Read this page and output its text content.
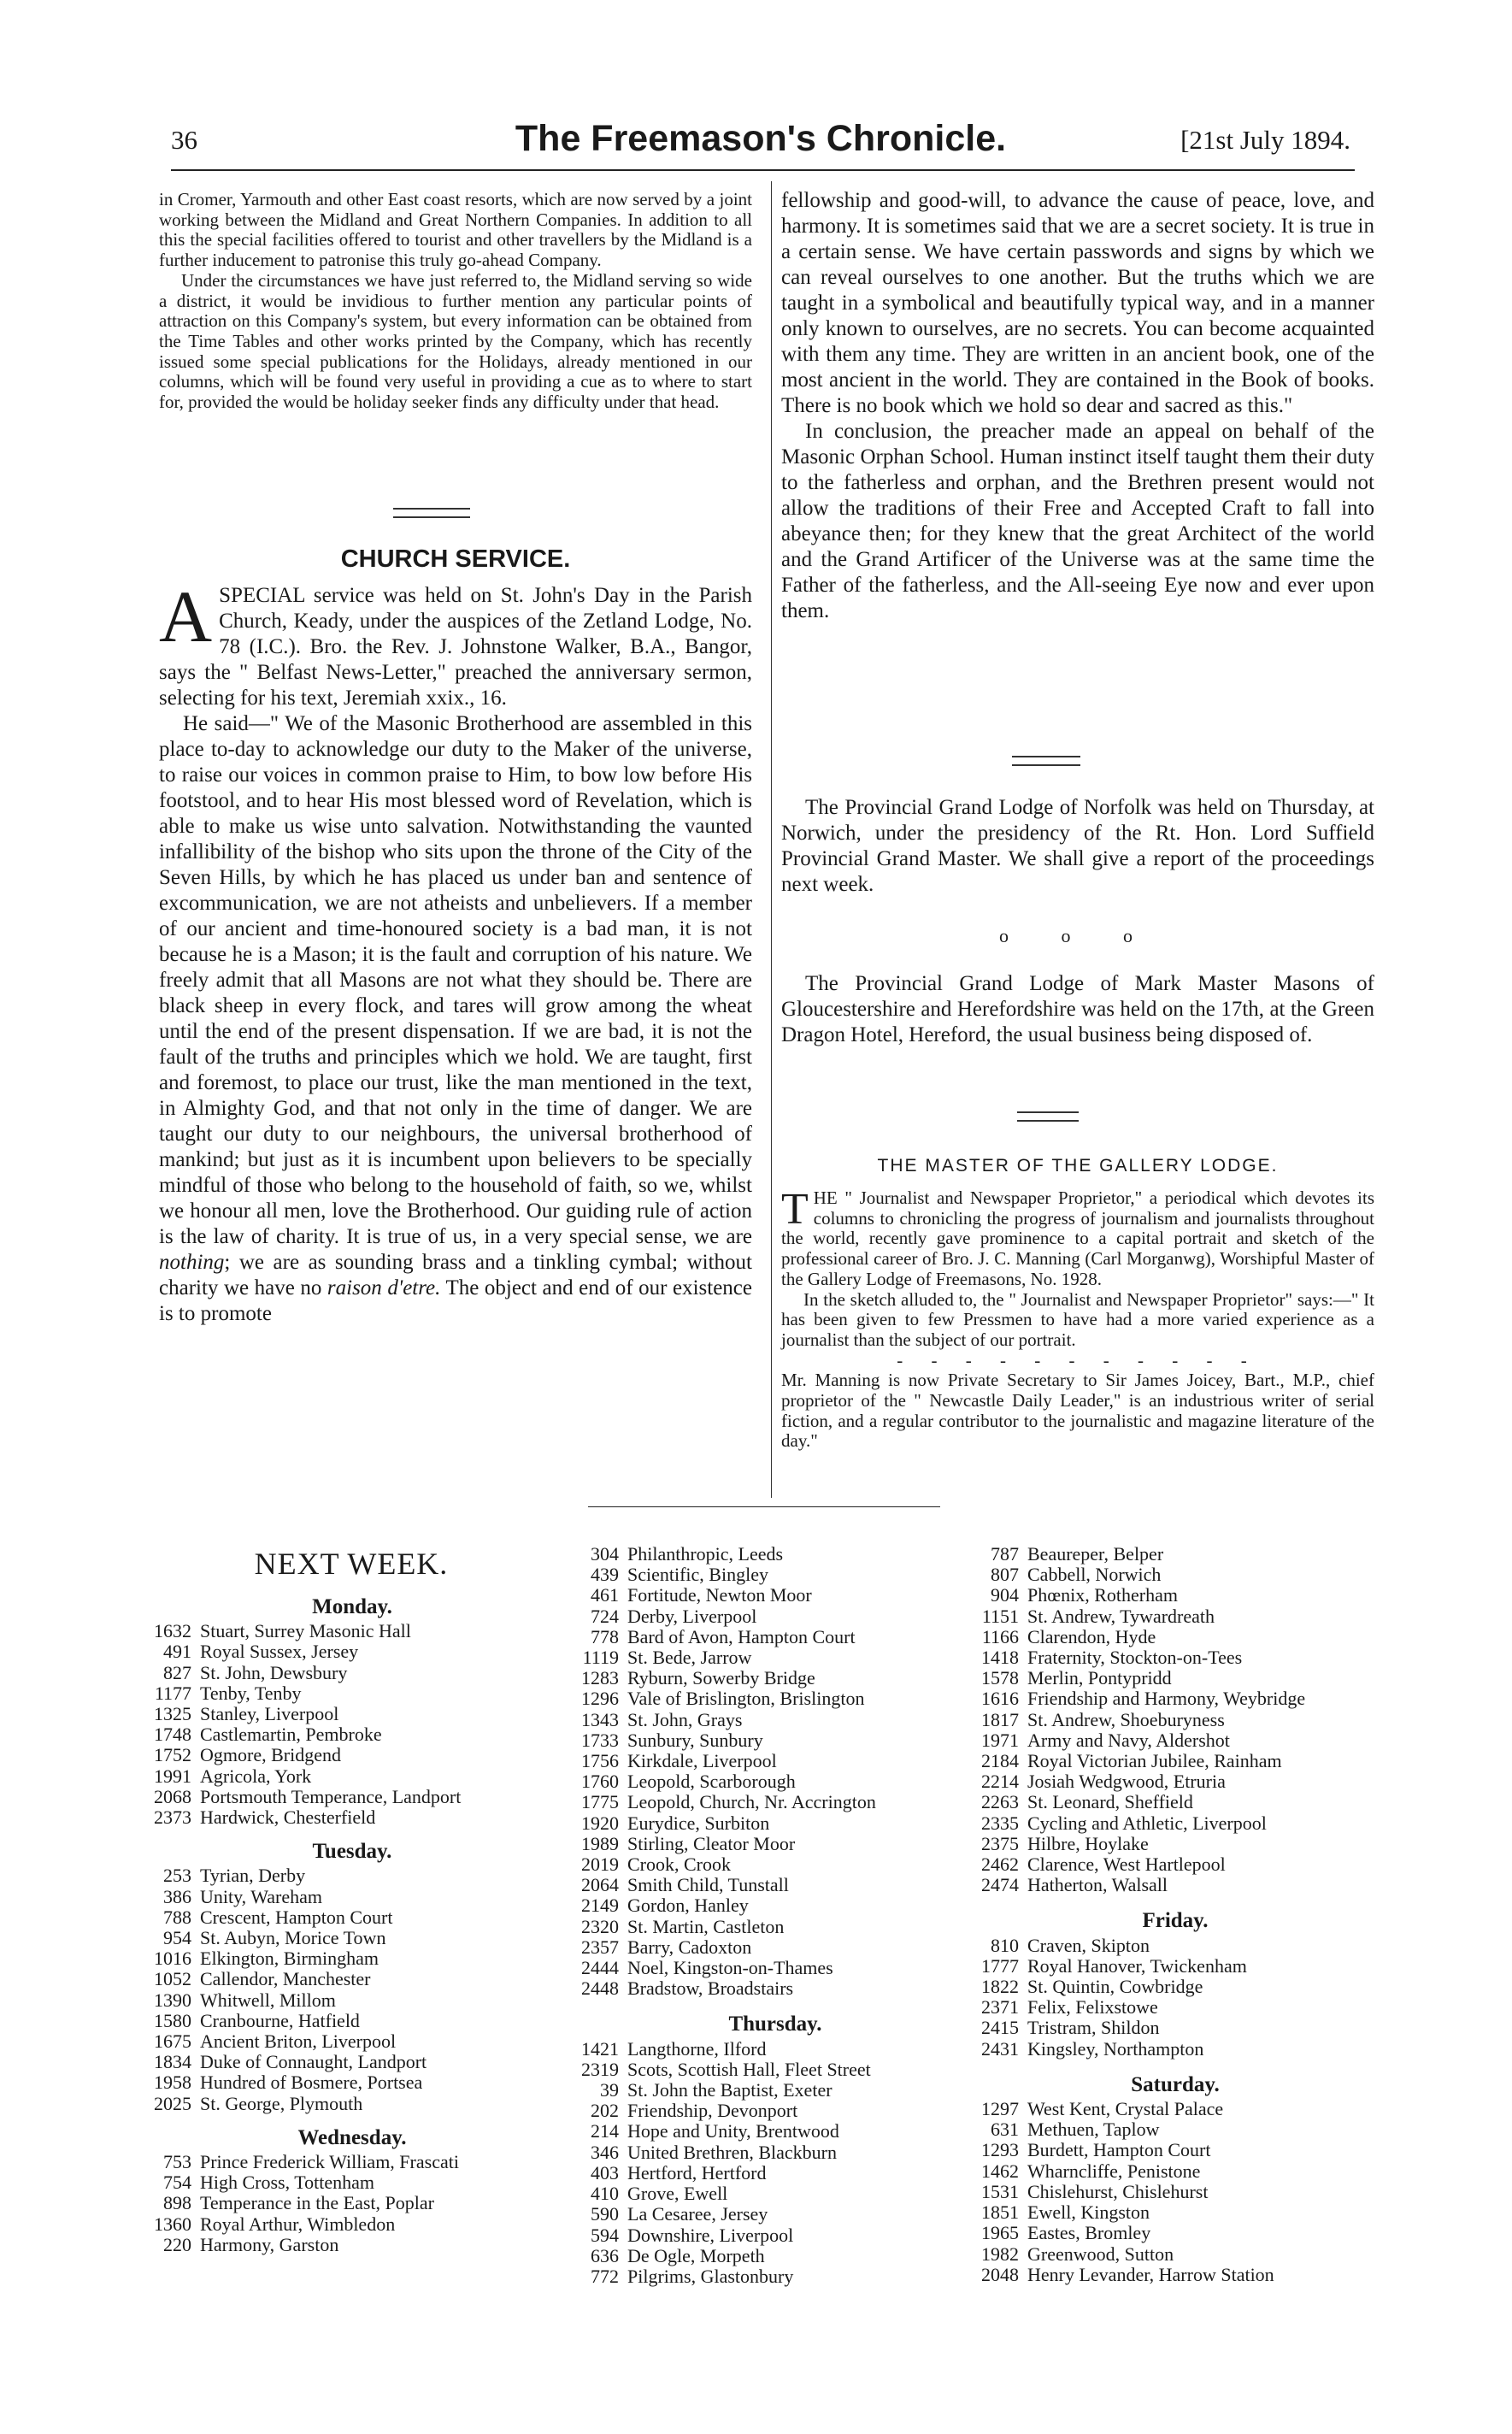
36	The Freemason's Chronicle.	[21st July 1894.

in Cromer, Yarmouth and other East coast resorts, which are now served by a joint working between the Midland and Great Northern Companies. In addition to all this the special facilities offered to tourist and other travellers by the Midland is a further inducement to patronise this truly go-ahead Company.

Under the circumstances we have just referred to, the Midland serving so wide a district, it would be invidious to further mention any particular points of attraction on this Company's system, but every information can be obtained from the Time Tables and other works printed by the Company, which has recently issued some special publications for the Holidays, already mentioned in our columns, which will be found very useful in providing a cue as to where to start for, provided the would be holiday seeker finds any difficulty under that head.

CHURCH SERVICE.

A SPECIAL service was held on St. John's Day in the Parish Church, Keady, under the auspices of the Zetland Lodge, No. 78 (I.C.). Bro. the Rev. J. Johnstone Walker, B.A., Bangor, says the " Belfast News-Letter," preached the anniversary sermon, selecting for his text, Jeremiah xxix., 16.

He said—" We of the Masonic Brotherhood are assembled in this place to-day to acknowledge our duty to the Maker of the universe, to raise our voices in common praise to Him, to bow low before His footstool, and to hear His most blessed word of Revelation, which is able to make us wise unto salvation. Notwithstanding the vaunted infallibility of the bishop who sits upon the throne of the City of the Seven Hills, by which he has placed us under ban and sentence of excommunication, we are not atheists and unbelievers. If a member of our ancient and time-honoured society is a bad man, it is not because he is a Mason; it is the fault and corruption of his nature. We freely admit that all Masons are not what they should be. There are black sheep in every flock, and tares will grow among the wheat until the end of the present dispensation. If we are bad, it is not the fault of the truths and principles which we hold. We are taught, first and foremost, to place our trust, like the man mentioned in the text, in Almighty God, and that not only in the time of danger. We are taught our duty to our neighbours, the universal brotherhood of mankind; but just as it is incumbent upon believers to be specially mindful of those who belong to the household of faith, so we, whilst we honour all men, love the Brotherhood. Our guiding rule of action is the law of charity. It is true of us, in a very special sense, we are nothing; we are as sounding brass and a tinkling cymbal; without charity we have no raison d'etre. The object and end of our existence is to promote

fellowship and good-will, to advance the cause of peace, love, and harmony. It is sometimes said that we are a secret society. It is true in a certain sense. We have certain passwords and signs by which we can reveal ourselves to one another. But the truths which we are taught in a symbolical and beautifully typical way, and in a manner only known to ourselves, are no secrets. You can become acquainted with them any time. They are written in an ancient book, one of the most ancient in the world. They are contained in the Book of books. There is no book which we hold so dear and sacred as this."

In conclusion, the preacher made an appeal on behalf of the Masonic Orphan School. Human instinct itself taught them their duty to the fatherless and orphan, and the Brethren present would not allow the traditions of their Free and Accepted Craft to fall into abeyance then; for they knew that the great Architect of the world and the Grand Artificer of the Universe was at the same time the Father of the fatherless, and the All-seeing Eye now and ever upon them.

The Provincial Grand Lodge of Norfolk was held on Thursday, at Norwich, under the presidency of the Rt. Hon. Lord Suffield Provincial Grand Master. We shall give a report of the proceedings next week.

o o o

The Provincial Grand Lodge of Mark Master Masons of Gloucestershire and Herefordshire was held on the 17th, at the Green Dragon Hotel, Hereford, the usual business being disposed of.

THE MASTER OF THE GALLERY LODGE.

T HE " Journalist and Newspaper Proprietor," a periodical which devotes its columns to chronicling the progress of journalism and journalists throughout the world, recently gave prominence to a capital portrait and sketch of the professional career of Bro. J. C. Manning (Carl Morganwg), Worshipful Master of the Gallery Lodge of Freemasons, No. 1928.

In the sketch alluded to, the " Journalist and Newspaper Proprietor" says:—" It has been given to few Pressmen to have had a more varied experience as a journalist than the subject of our portrait.

- - - - - - - - - - -

Mr. Manning is now Private Secretary to Sir James Joicey, Bart., M.P., chief proprietor of the " Newcastle Daily Leader," is an industrious writer of serial fiction, and a regular contributor to the journalistic and magazine literature of the day."

NEXT WEEK.
Monday.
1632 Stuart, Surrey Masonic Hall
491 Royal Sussex, Jersey
827 St. John, Dewsbury
1177 Tenby, Tenby
1325 Stanley, Liverpool
1748 Castlemartin, Pembroke
1752 Ogmore, Bridgend
1991 Agricola, York
2068 Portsmouth Temperance, Landport
2373 Hardwick, Chesterfield
Tuesday.
253 Tyrian, Derby
386 Unity, Wareham
788 Crescent, Hampton Court
954 St. Aubyn, Morice Town
1016 Elkington, Birmingham
1052 Callendor, Manchester
1390 Whitwell, Millom
1580 Cranbourne, Hatfield
1675 Ancient Briton, Liverpool
1834 Duke of Connaught, Landport
1958 Hundred of Bosmere, Portsea
2025 St. George, Plymouth
Wednesday.
753 Prince Frederick William, Frascati
754 High Cross, Tottenham
898 Temperance in the East, Poplar
1360 Royal Arthur, Wimbledon
220 Harmony, Garston
304 Philanthropic, Leeds
439 Scientific, Bingley
461 Fortitude, Newton Moor
724 Derby, Liverpool
778 Bard of Avon, Hampton Court
1119 St. Bede, Jarrow
1283 Ryburn, Sowerby Bridge
1296 Vale of Brislington, Brislington
1343 St. John, Grays
1733 Sunbury, Sunbury
1756 Kirkdale, Liverpool
1760 Leopold, Scarborough
1775 Leopold, Church, Nr. Accrington
1920 Eurydice, Surbiton
1989 Stirling, Cleator Moor
2019 Crook, Crook
2064 Smith Child, Tunstall
2149 Gordon, Hanley
2320 St. Martin, Castleton
2357 Barry, Cadoxton
2444 Noel, Kingston-on-Thames
2448 Bradstow, Broadstairs
Thursday.
1421 Langthorne, Ilford
2319 Scots, Scottish Hall, Fleet Street
39 St. John the Baptist, Exeter
202 Friendship, Devonport
214 Hope and Unity, Brentwood
346 United Brethren, Blackburn
403 Hertford, Hertford
410 Grove, Ewell
590 La Cesaree, Jersey
594 Downshire, Liverpool
636 De Ogle, Morpeth
772 Pilgrims, Glastonbury
787 Beaureper, Belper
807 Cabbell, Norwich
904 Phœnix, Rotherham
1151 St. Andrew, Tywardreath
1166 Clarendon, Hyde
1418 Fraternity, Stockton-on-Tees
1578 Merlin, Pontypridd
1616 Friendship and Harmony, Weybridge
1817 St. Andrew, Shoeburyness
1971 Army and Navy, Aldershot
2184 Royal Victorian Jubilee, Rainham
2214 Josiah Wedgwood, Etruria
2263 St. Leonard, Sheffield
2335 Cycling and Athletic, Liverpool
2375 Hilbre, Hoylake
2462 Clarence, West Hartlepool
2474 Hatherton, Walsall
Friday.
810 Craven, Skipton
1777 Royal Hanover, Twickenham
1822 St. Quintin, Cowbridge
2371 Felix, Felixstowe
2415 Tristram, Shildon
2431 Kingsley, Northampton
Saturday.
1297 West Kent, Crystal Palace
631 Methuen, Taplow
1293 Burdett, Hampton Court
1462 Wharncliffe, Penistone
1531 Chislehurst, Chislehurst
1851 Ewell, Kingston
1965 Eastes, Bromley
1982 Greenwood, Sutton
2048 Henry Levander, Harrow Station
